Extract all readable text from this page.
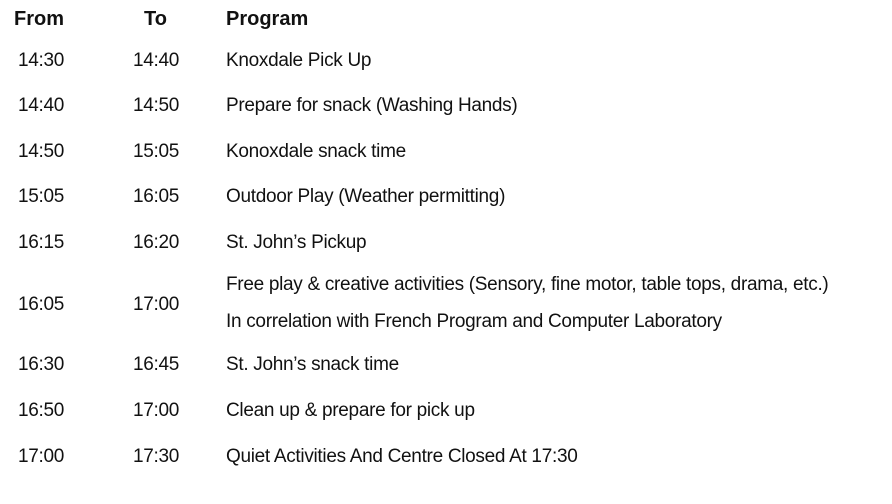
From	To	Program
14:30	14:40 Knoxdale Pick Up
14:40	14:50 Prepare for snack (Washing Hands)
14:50	15:05 Konoxdale snack time
15:05	16:05 Outdoor Play (Weather permitting)
16:15	16:20 St. John’s Pickup
16:05	17:00
Free play & creative activities (Sensory, fine motor, table tops, drama, etc.)
In correlation with French Program and Computer Laboratory
16:30	16:45 St. John’s snack time
16:50	17:00 Clean up & prepare for pick up
17:00	17:30 Quiet Activities And Centre Closed At 17:30
